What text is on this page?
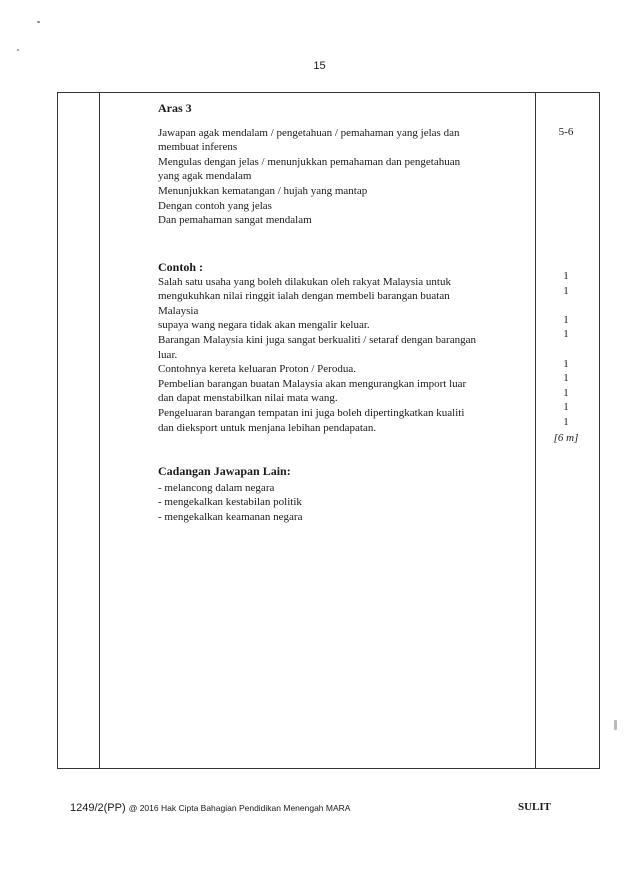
15
Aras 3
Jawapan agak mendalam / pengetahuan / pemahaman yang jelas dan
membuat inferens
Mengulas dengan jelas / menunjukkan pemahaman dan pengetahuan
yang agak mendalam
Menunjukkan kematangan / hujah yang mantap
Dengan contoh yang jelas
Dan pemahaman sangat mendalam
5-6
Contoh :
Salah satu usaha yang boleh dilakukan oleh rakyat Malaysia untuk
mengukuhkan nilai ringgit ialah dengan membeli barangan buatan
Malaysia
supaya wang negara tidak akan mengalir keluar.
Barangan Malaysia kini juga sangat berkualiti / setaraf dengan barangan
luar.
Contohnya kereta keluaran Proton / Perodua.
Pembelian barangan buatan Malaysia akan mengurangkan import luar
dan dapat menstabilkan nilai mata wang.
Pengeluaran barangan tempatan ini juga boleh dipertingkatkan kualiti
dan dieksport untuk menjana lebihan pendapatan.
1
1
1
1
1
1
1
1
1
[6 m]
Cadangan Jawapan Lain:
- melancong dalam negara
- mengekalkan kestabilan politik
- mengekalkan keamanan negara
1249/2(PP) @ 2016 Hak Cipta Bahagian Pendidikan Menengah MARA	SULIT
